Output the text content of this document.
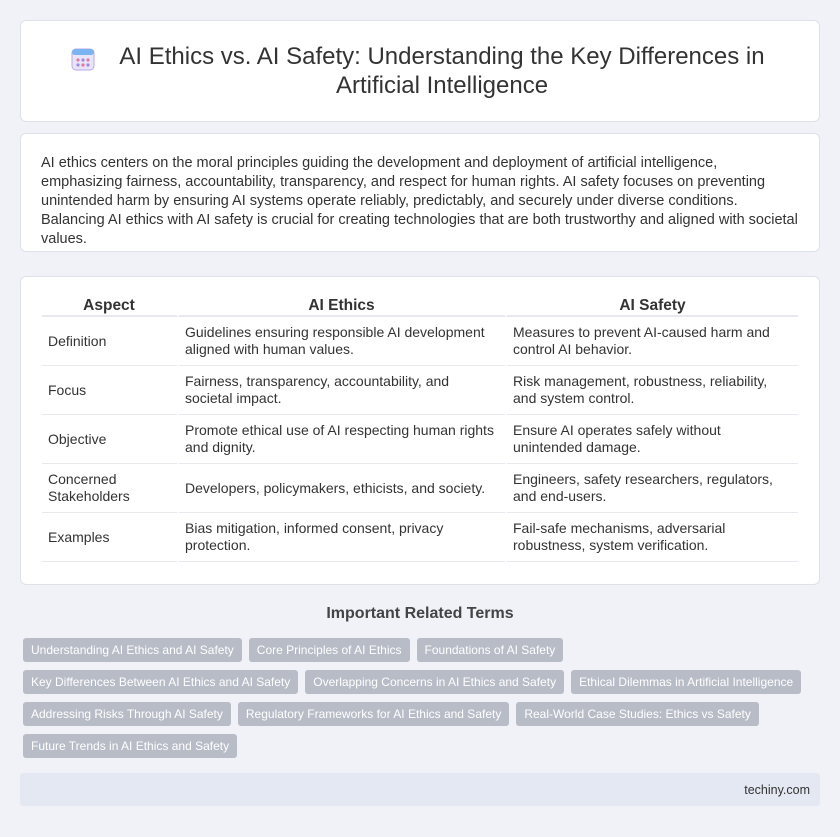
AI Ethics vs. AI Safety: Understanding the Key Differences in Artificial Intelligence

AI ethics centers on the moral principles guiding the development and deployment of artificial intelligence, emphasizing fairness, accountability, transparency, and respect for human rights. AI safety focuses on preventing unintended harm by ensuring AI systems operate reliably, predictably, and securely under diverse conditions. Balancing AI ethics with AI safety is crucial for creating technologies that are both trustworthy and aligned with societal values.

Aspect	AI Ethics	AI Safety
Definition	Guidelines ensuring responsible AI development aligned with human values.	Measures to prevent AI-caused harm and control AI behavior.
Focus	Fairness, transparency, accountability, and societal impact.	Risk management, robustness, reliability, and system control.
Objective	Promote ethical use of AI respecting human rights and dignity.	Ensure AI operates safely without unintended damage.
Concerned Stakeholders	Developers, policymakers, ethicists, and society.	Engineers, safety researchers, regulators, and end-users.
Examples	Bias mitigation, informed consent, privacy protection.	Fail-safe mechanisms, adversarial robustness, system verification.
Important Related Terms
Understanding AI Ethics and AI Safety	Core Principles of AI Ethics	Foundations of AI Safety
Key Differences Between AI Ethics and AI Safety	Overlapping Concerns in AI Ethics and Safety	Ethical Dilemmas in Artificial Intelligence
Addressing Risks Through AI Safety	Regulatory Frameworks for AI Ethics and Safety	Real-World Case Studies: Ethics vs Safety
Future Trends in AI Ethics and Safety
techiny.com
